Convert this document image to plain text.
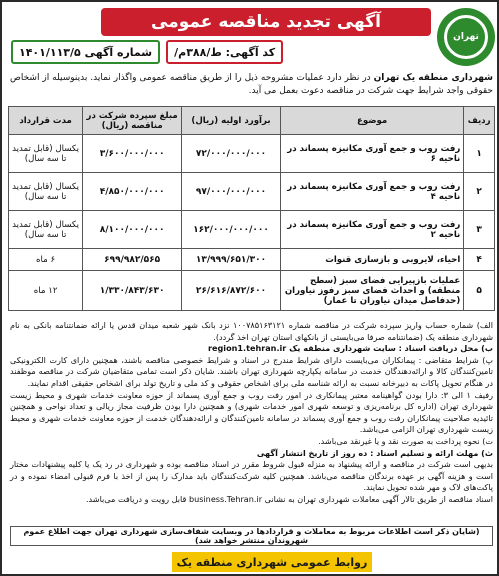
تهران
آگهی تجدید مناقصه عمومی
کد آگهی: ط/۳۸۸م/
شماره آگهی ۱۴۰۱/۱۱۳/۵
شهرداری منطقه یک تهران در نظر دارد عملیات مشروحه ذیل را از طریق مناقصه عمومی واگذار نماید. بدینوسیله از اشخاص حقوقی واجد شرایط جهت شرکت در مناقصه دعوت بعمل می آید.
ردیف	موضوع	برآورد اولیه (ریال)	مبلغ سپرده شرکت در مناقصه (ریال)	مدت قرارداد
۱	رفت روب و جمع آوری مکانیزه پسماند در ناحیه ۶	۷۲/۰۰۰/۰۰۰/۰۰۰	۳/۶۰۰/۰۰۰/۰۰۰	یکسال (قابل تمدید تا سه سال)
۲	رفت روب و جمع آوری مکانیزه پسماند در ناحیه ۴	۹۷/۰۰۰/۰۰۰/۰۰۰	۴/۸۵۰/۰۰۰/۰۰۰	یکسال (قابل تمدید تا سه سال)
۳	رفت روب و جمع آوری مکانیزه پسماند در ناحیه ۲	۱۶۲/۰۰۰/۰۰۰/۰۰۰	۸/۱۰۰/۰۰۰/۰۰۰	یکسال (قابل تمدید تا سه سال)
۴	احیاء، لایروبی و بازسازی قنوات	۱۳/۹۹۹/۶۵۱/۳۰۰	۶۹۹/۹۸۲/۵۶۵	۶ ماه
۵	عملیات بازپیرایی فضای سبز (سطح منطقه) و احداث فضای سبز رفوز نیاوران (حدفاصل میدان نیاوران تا عمار)	۲۶/۶۱۶/۸۷۲/۶۰۰	۱/۳۳۰/۸۴۳/۶۳۰	۱۲ ماه

الف) شماره حساب واریز سپرده شرکت در مناقصه شماره ۱۰۰۷۸۵۱۶۳۱۲۱ نزد بانک شهر شعبه میدان قدس یا ارائه ضمانتنامه بانکی به نام شهرداری منطقه یک (ضمانتنامه صرفا می‌بایستی از بانکهای استان تهران اخذ گردد).

ب) محل دریافت اسناد : سایت شهرداری منطقه یک region1.tehran.ir

پ) شرایط متقاضی : پیمانکاران می‌بایست دارای شرایط مندرج در اسناد و شرایط خصوصی مناقصه باشند، همچنین دارای کارت الکترونیکی تامین‌کنندگان کالا و ارائه‌دهندگان خدمت در سامانه یکپارچه شهرداری تهران باشند. شایان ذکر است تمامی متقاضیان شرکت در مناقصه موظفند در هنگام تحویل پاکات به دبیرخانه نسبت به ارائه شناسه ملی برای اشخاص حقوقی و کد ملی و تاریخ تولد برای اشخاص حقیقی اقدام نمایند.

رفیف ۱ الی ۳: دارا بودن گواهینامه معتبر پیمانکاری در امور رفت روب و جمع آوری پسماند از حوزه معاونت خدمات شهری و محیط زیست شهرداری تهران (اداره کل برنامه‌ریزی و توسعه شهری امور خدمات شهری) و همچنین دارا بودن ظرفیت مجاز ریالی و تعداد نواحی و همچنین تائیدیه صلاحیت پیمانکاران رفت روب و جمع آوری پسماند در سامانه تامین‌کنندگان و ارائه‌دهندگان خدمت از حوزه معاونت خدمات شهری و محیط زیست شهرداری تهران الزامی می‌باشد.

ت) نحوه پرداخت به صورت نقد و یا غیرنقد می‌باشد.

ث) مهلت ارائه و تسلیم اسناد : ده روز از تاریخ انتشار آگهی

بدیهی است شرکت در مناقصه و ارائه پیشنهاد به منزله قبول شروط مقرر در اسناد مناقصه بوده و شهرداری در رد یک یا کلیه پیشنهادات مختار است و هزینه آگهی بر عهده برندگان مناقصه می‌باشد. همچنین کلیه شرکت‌کنندگان باید مدارک را پس از اخذ با فرم قبولی امضاء نموده و در پاکت‌های لاک و مهر شده تحویل نمایند.

اسناد مناقصه از طریق تالار آگهی معاملات شهرداری تهران به نشانی business.Tehran.ir قابل رویت و دریافت می‌باشد.

(شایان ذکر است اطلاعات مربوط به معاملات و قراردادها در وبسایت شفاف‌سازی شهرداری تهران جهت اطلاع عموم شهروندان منتشر خواهد شد)
روابط عمومی شهرداری منطقه یک
